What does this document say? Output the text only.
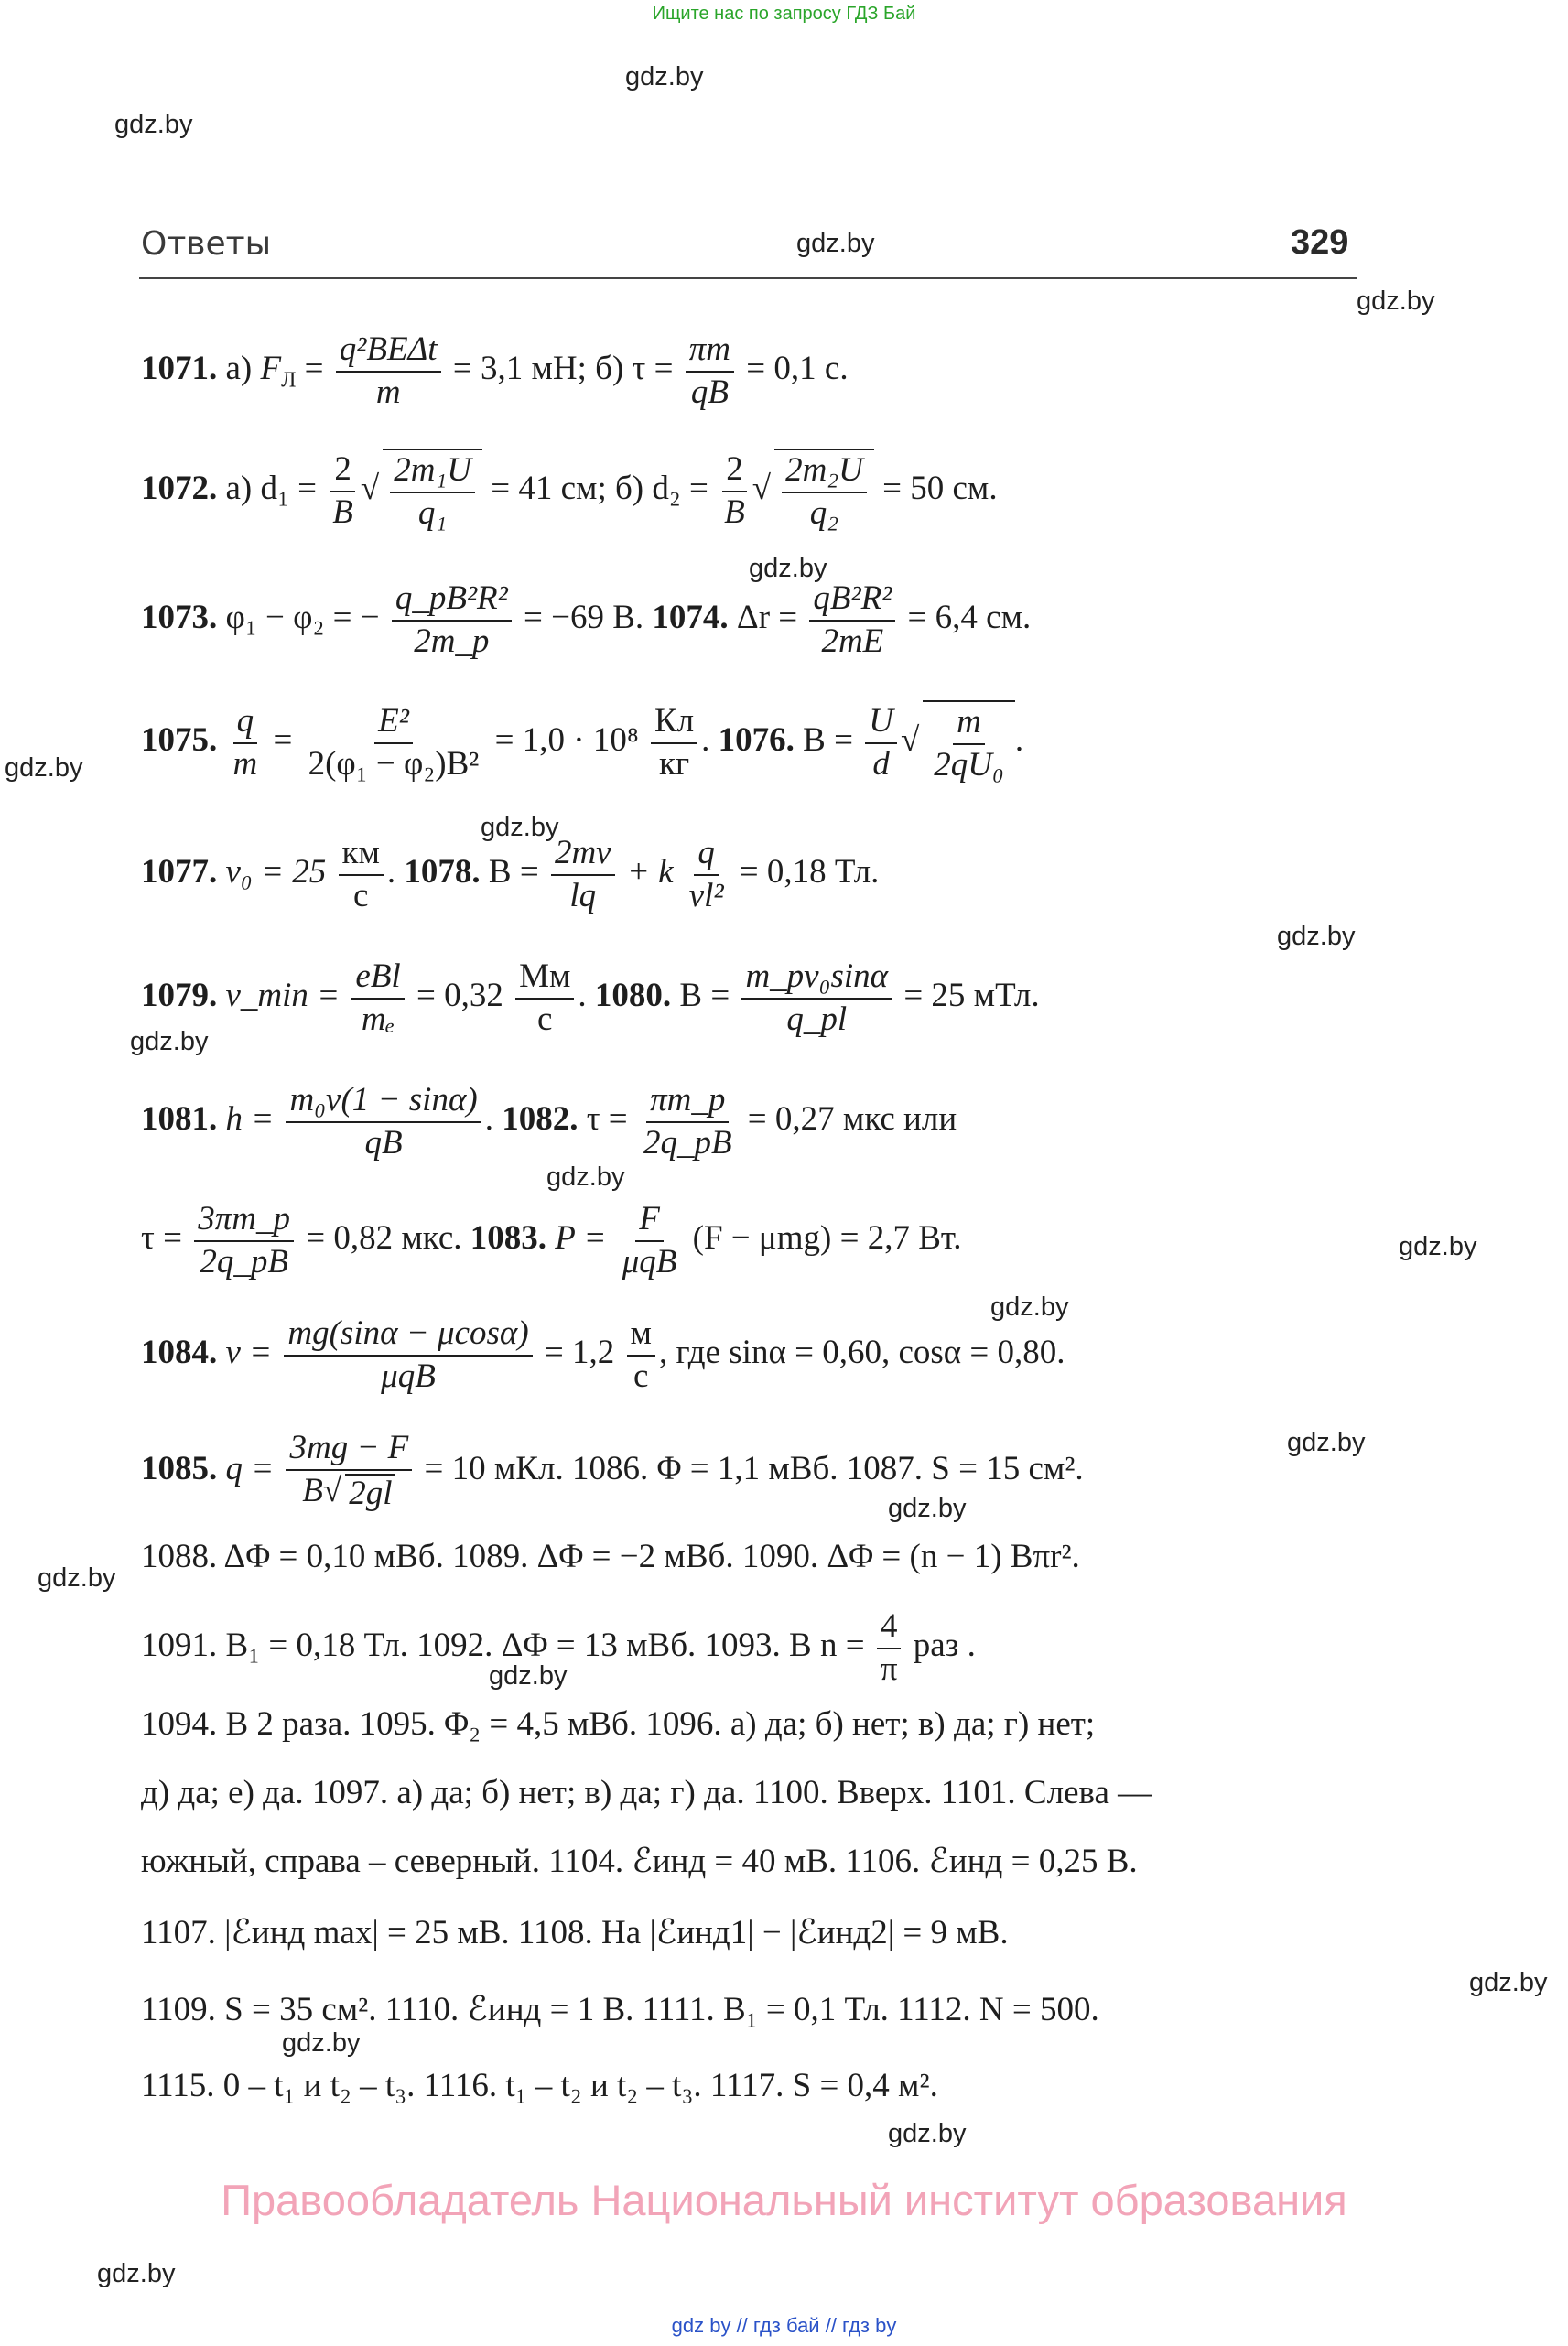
Ищите нас по запросу ГДЗ Бай
gdz.by
gdz.by
gdz.by
gdz.by
gdz.by
gdz.by
gdz.by
gdz.by
gdz.by
gdz.by
gdz.by
gdz.by
gdz.by
gdz.by
gdz.by
gdz.by
gdz.by
gdz.by
gdz.by
gdz.by
Ответы	329
1071. а) $F_Л = \frac{\text{q²BEΔt}}{m} = 3,1$ мН; б) $\tau = \frac{\pi m}{qB} = 0,1$ с.
1072. а) $d_1 = \frac{2}{B}$ √ $\frac{\text{2m₁U}}{\text{q₁}} = 41$ см; б) $d_2 = \frac{2}{B}$ √ $\frac{\text{2m₂U}}{\text{q₂}} = 50$ см.
1073. φ₁ − φ₂ = − $\frac{\text{q\_pB²R²}}{2m\_p} = -69$ В. 1074. $\Delta r = \frac{\text{qB²R²}}{2mE} = 6,4$ см.
1075. $\frac{q}{m} = \frac{\text{E²}}{\text{2(φ₁ − φ₂)B²}} = 1,0 \cdot 10^8 \frac{Кл}{кг}$ . 1076. $B = \frac{U}{d}$ √ $\frac{m}{\text{2qU₀}}$ .
1077. $v_0 = 25 \frac{км}{с}$ . 1078. $B = \frac{2mv}{lq} + k \frac{q}{\text{vl²}} = 0,18$ Тл.
1079. v_min = $\frac{\text{eBl}}{\text{mₑ}} = 0,32 \frac{Мм}{с}$ . 1080. $B = \frac{\text{m\_pv₀sinα}}{q\_pl} = 25$ мТл.
1081. $h = \frac{\text{m₀v(1 − sinα)}}{qB}$ . 1082. $\tau = \frac{\pi m\_p}{2q\_pB} = 0,27$ мкс или
$\tau = \frac{3\pi m\_p}{2q\_pB} = 0,82$ мкс. 1083. $P = \frac{F}{\text{μqB}} (F - \mu mg) = 2,7$ Вт.
1084. $v = \frac{mg(\sin\alpha - \mu\cos\alpha)}{\text{μqB}} = 1,2 \frac{м}{с}$ , где sinα = 0,60, cosα = 0,80.
1085. $q = \frac{3mg - F}{B√ 2gl} = 10$ мКл. 1086. Φ = 1,1 мВб. 1087. S = 15 см².
1088. ΔΦ = 0,10 мВб. 1089. ΔΦ = −2 мВб. 1090. ΔΦ = (n − 1) Bπr².
1091. B₁ = 0,18 Тл. 1092. ΔΦ = 13 мВб. 1093. В $n = \frac{4}{\pi}$ раз .
1094. В 2 раза. 1095. Φ₂ = 4,5 мВб. 1096. а) да; б) нет; в) да; г) нет;
д) да; е) да. 1097. а) да; б) нет; в) да; г) да. 1100. Вверх. 1101. Слева —
южный, справа – северный. 1104. ℰинд = 40 мВ. 1106. ℰинд = 0,25 В.
1107. |ℰинд max| = 25 мВ. 1108. На |ℰинд1| − |ℰинд2| = 9 мВ.
1109. S = 35 см². 1110. ℰинд = 1 В. 1111. B₁ = 0,1 Тл. 1112. N = 500.
1115. 0 – t₁ и t₂ – t₃. 1116. t₁ – t₂ и t₂ – t₃. 1117. S = 0,4 м².
Правообладатель Национальный институт образования
gdz by // гдз бай // гдз by
